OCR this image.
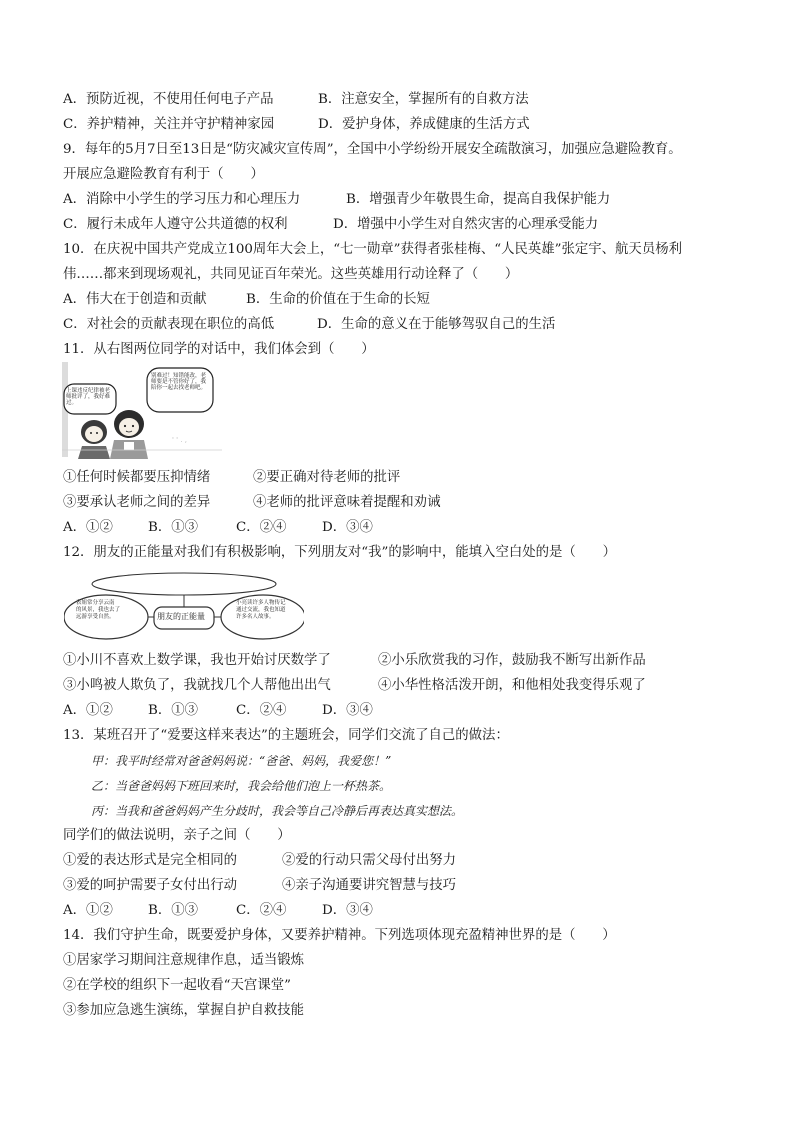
A．预防近视，不使用任何电子产品	B．注意安全，掌握所有的自救方法
C．养护精神，关注并守护精神家园	D．爱护身体，养成健康的生活方式
9．每年的5月7日至13日是“防灾减灾宣传周”，全国中小学纷纷开展安全疏散演习，加强应急避险教育。
开展应急避险教育有利于（　　）
A．消除中小学生的学习压力和心理压力	B．增强青少年敬畏生命，提高自我保护能力
C．履行未成年人遵守公共道德的权利	D．增强中小学生对自然灾害的心理承受能力
10．在庆祝中国共产党成立100周年大会上，“七一勋章”获得者张桂梅、“人民英雄”张定宇、航天员杨利
伟……都来到现场观礼，共同见证百年荣光。这些英雄用行动诠释了（　　）
A．伟大在于创造和贡献	B．生命的价值在于生命的长短
C．对社会的贡献表现在职位的高低	D．生命的意义在于能够驾驭自己的生活
11．从右图两位同学的对话中，我们体会到（　　）
' ' . ,
上课违反纪律被老师批评了，我好难过。
别难过！知错能改，老师要是不管你好了，我陪你一起去找老师吧。
①任何时候都要压抑情绪	②要正确对待老师的批评
③要承认老师之间的差异	④老师的批评意味着提醒和劝诫
A．①②	B．①③	C．②④	D．③④
12．朋友的正能量对我们有积极影响，下列朋友对“我”的影响中，能填入空白处的是（　　）
表姐常分享云南
的风景，我也去了
远游享受自然。	朋友的正能量
小亮读许多人物传记
通过交流，我也知道
许多名人故事。
①小川不喜欢上数学课，我也开始讨厌数学了	②小乐欣赏我的习作，鼓励我不断写出新作品
③小鸣被人欺负了，我就找几个人帮他出出气	④小华性格活泼开朗，和他相处我变得乐观了
A．①②	B．①③	C．②④	D．③④
13．某班召开了“爱要这样来表达”的主题班会，同学们交流了自己的做法：
甲：我平时经常对爸爸妈妈说：“爸爸、妈妈，我爱您！”
乙：当爸爸妈妈下班回来时，我会给他们泡上一杯热茶。
丙：当我和爸爸妈妈产生分歧时，我会等自己冷静后再表达真实想法。
同学们的做法说明，亲子之间（　　）
①爱的表达形式是完全相同的	②爱的行动只需父母付出努力
③爱的呵护需要子女付出行动	④亲子沟通要讲究智慧与技巧
A．①②	B．①③	C．②④	D．③④
14．我们守护生命，既要爱护身体，又要养护精神。下列选项体现充盈精神世界的是（　　）
①居家学习期间注意规律作息，适当锻炼
②在学校的组织下一起收看“天宫课堂”
③参加应急逃生演练，掌握自护自救技能
